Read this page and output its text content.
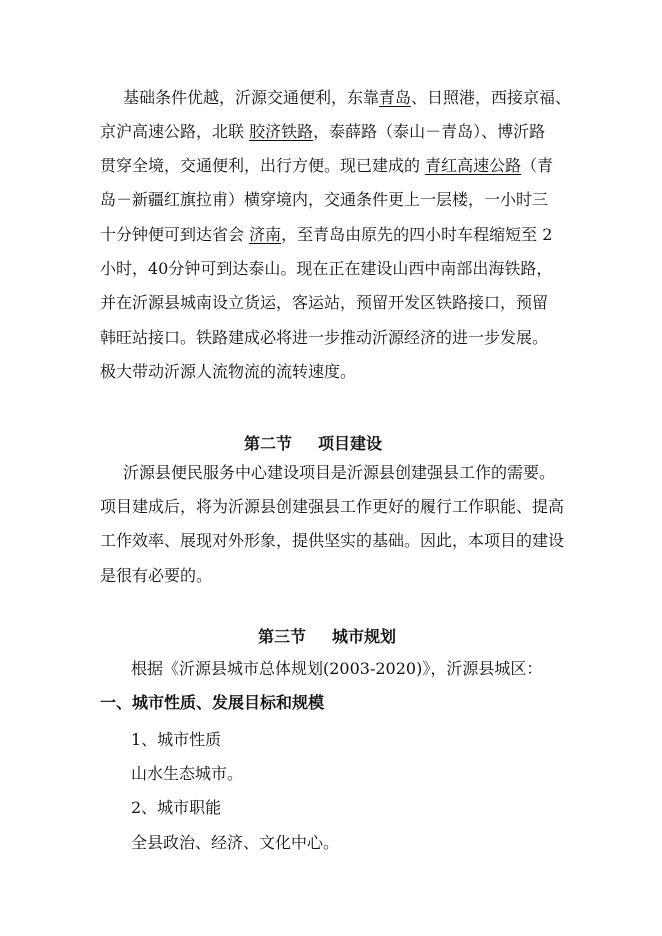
基础条件优越，沂源交通便利，东靠青岛、日照港，西接京福、
京沪高速公路，北联 胶济铁路，泰薛路（泰山－青岛）、博沂路
贯穿全境，交通便利，出行方便。现已建成的 青红高速公路（青
岛－新疆红旗拉甫）横穿境内，交通条件更上一层楼，一小时三
十分钟便可到达省会 济南，至青岛由原先的四小时车程缩短至 2
小时，40分钟可到达泰山。现在正在建设山西中南部出海铁路，
并在沂源县城南设立货运，客运站，预留开发区铁路接口，预留
韩旺站接口。铁路建成必将进一步推动沂源经济的进一步发展。
极大带动沂源人流物流的流转速度。
第二节 项目建设
沂源县便民服务中心建设项目是沂源县创建强县工作的需要。
项目建成后，将为沂源县创建强县工作更好的履行工作职能、提高
工作效率、展现对外形象，提供坚实的基础。因此，本项目的建设
是很有必要的。
第三节 城市规划
根据《沂源县城市总体规划(2003-2020)》，沂源县城区：
一、城市性质、发展目标和规模
1、城市性质
山水生态城市。
2、城市职能
全县政治、经济、文化中心。
